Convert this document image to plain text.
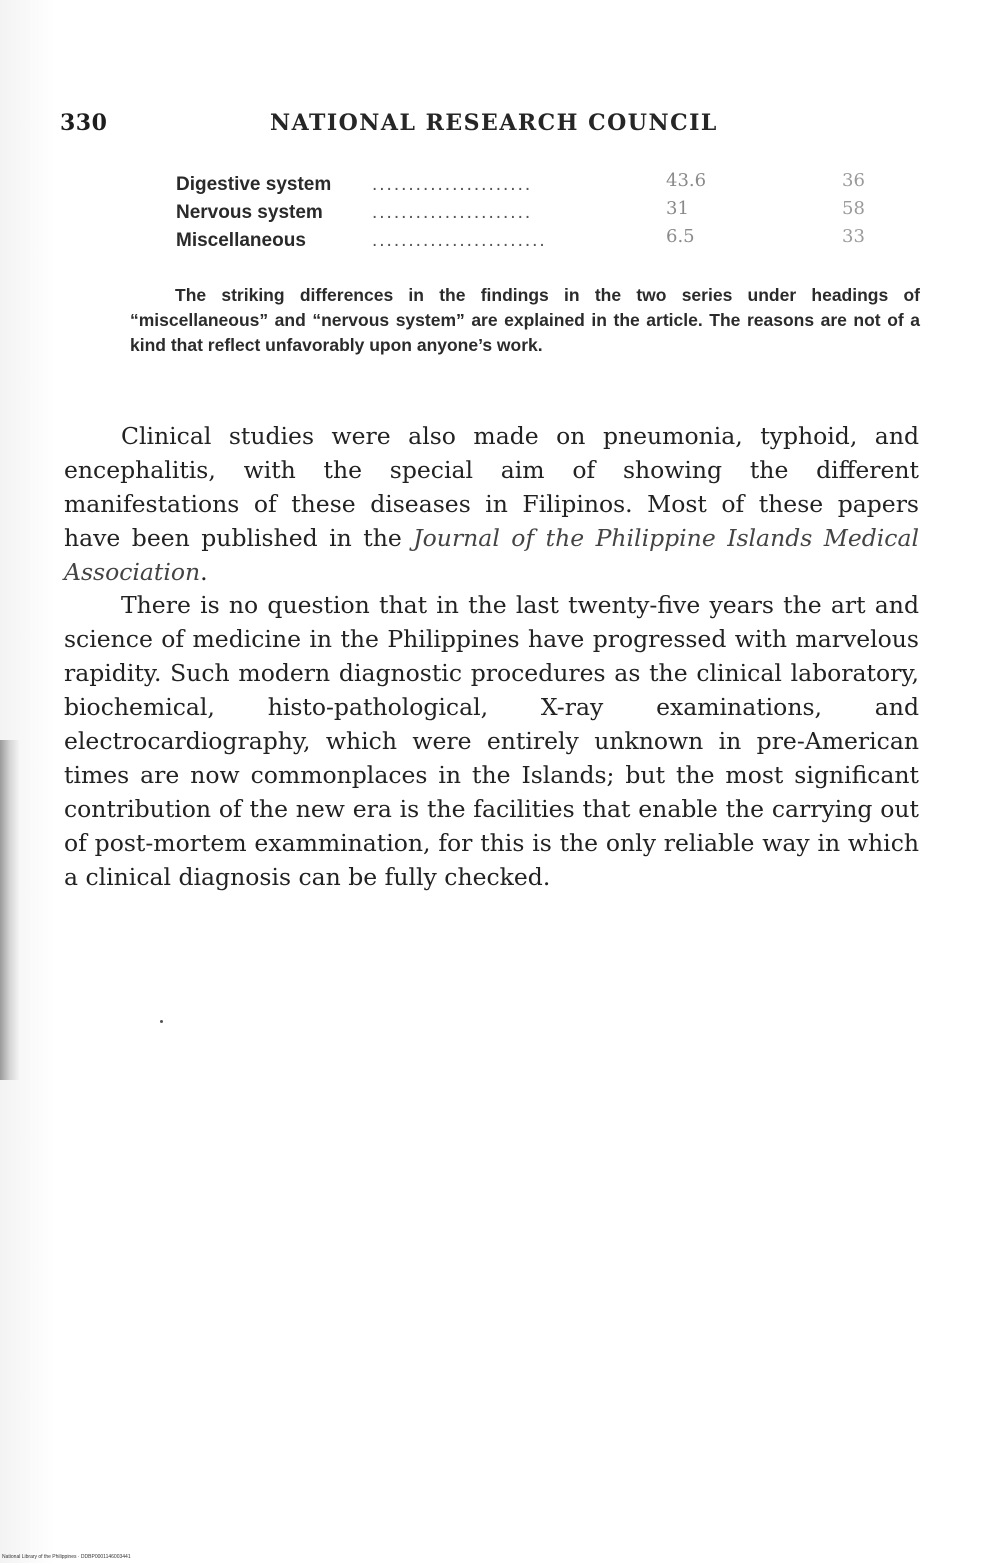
330	NATIONAL RESEARCH COUNCIL
Digestive system ......................	43.6	36
Nervous system	......................	31	58
Miscellaneous	........................	6.5	33

The striking differences in the findings in the two series under headings of “miscellaneous” and “nervous system” are explained in the article. The reasons are not of a kind that reflect unfavorably upon anyone’s work.

Clinical studies were also made on pneumonia, typhoid, and encephalitis, with the special aim of showing the different manifestations of these diseases in Filipinos. Most of these papers have been published in the Journal of the Philippine Islands Medical Association.

There is no question that in the last twenty-five years the art and science of medicine in the Philippines have progressed with marvelous rapidity. Such modern diagnostic procedures as the clinical laboratory, biochemical, histo-pathological, X-ray examinations, and electrocardiography, which were entirely unknown in pre-American times are now commonplaces in the Islands; but the most significant contribution of the new era is the facilities that enable the carrying out of post-mortem exammination, for this is the only reliable way in which a clinical diagnosis can be fully checked.

National Library of the Philippines · DDBP0001146003441
